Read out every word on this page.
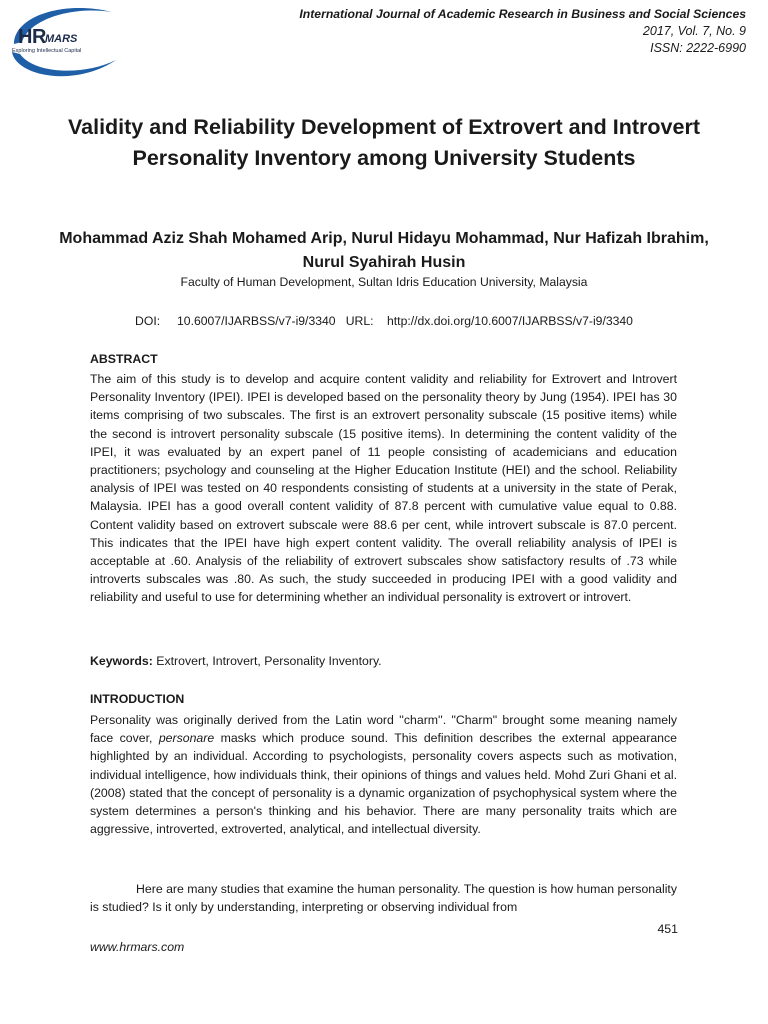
HR MARS
Exploring Intellectual Capital
International Journal of Academic Research in Business and Social Sciences
2017, Vol. 7, No. 9
ISSN: 2222-6990
Validity and Reliability Development of Extrovert and Introvert Personality Inventory among University Students
Mohammad Aziz Shah Mohamed Arip, Nurul Hidayu Mohammad, Nur Hafizah Ibrahim, Nurul Syahirah Husin
Faculty of Human Development, Sultan Idris Education University, Malaysia
DOI:     10.6007/IJARBSS/v7-i9/3340   URL:    http://dx.doi.org/10.6007/IJARBSS/v7-i9/3340
ABSTRACT
The aim of this study is to develop and acquire content validity and reliability for Extrovert and Introvert Personality Inventory (IPEI). IPEI is developed based on the personality theory by Jung (1954). IPEI has 30 items comprising of two subscales. The first is an extrovert personality subscale (15 positive items) while the second is introvert personality subscale (15 positive items). In determining the content validity of the IPEI, it was evaluated by an expert panel of 11 people consisting of academicians and education practitioners; psychology and counseling at the Higher Education Institute (HEI) and the school. Reliability analysis of IPEI was tested on 40 respondents consisting of students at a university in the state of Perak, Malaysia. IPEI has a good overall content validity of 87.8 percent with cumulative value equal to 0.88. Content validity based on extrovert subscale were 88.6 per cent, while introvert subscale is 87.0 percent. This indicates that the IPEI have high expert content validity. The overall reliability analysis of IPEI is acceptable at .60. Analysis of the reliability of extrovert subscales show satisfactory results of .73 while introverts subscales was .80. As such, the study succeeded in producing IPEI with a good validity and reliability and useful to use for determining whether an individual personality is extrovert or introvert.
Keywords: Extrovert, Introvert, Personality Inventory.
INTRODUCTION
Personality was originally derived from the Latin word ''charm''. "Charm" brought some meaning namely face cover, personare masks which produce sound. This definition describes the external appearance highlighted by an individual. According to psychologists, personality covers aspects such as motivation, individual intelligence, how individuals think, their opinions of things and values held. Mohd Zuri Ghani et al. (2008) stated that the concept of personality is a dynamic organization of psychophysical system where the system determines a person's thinking and his behavior. There are many personality traits which are aggressive, introverted, extroverted, analytical, and intellectual diversity.
Here are many studies that examine the human personality. The question is how human personality is studied? Is it only by understanding, interpreting or observing individual from
451
www.hrmars.com
